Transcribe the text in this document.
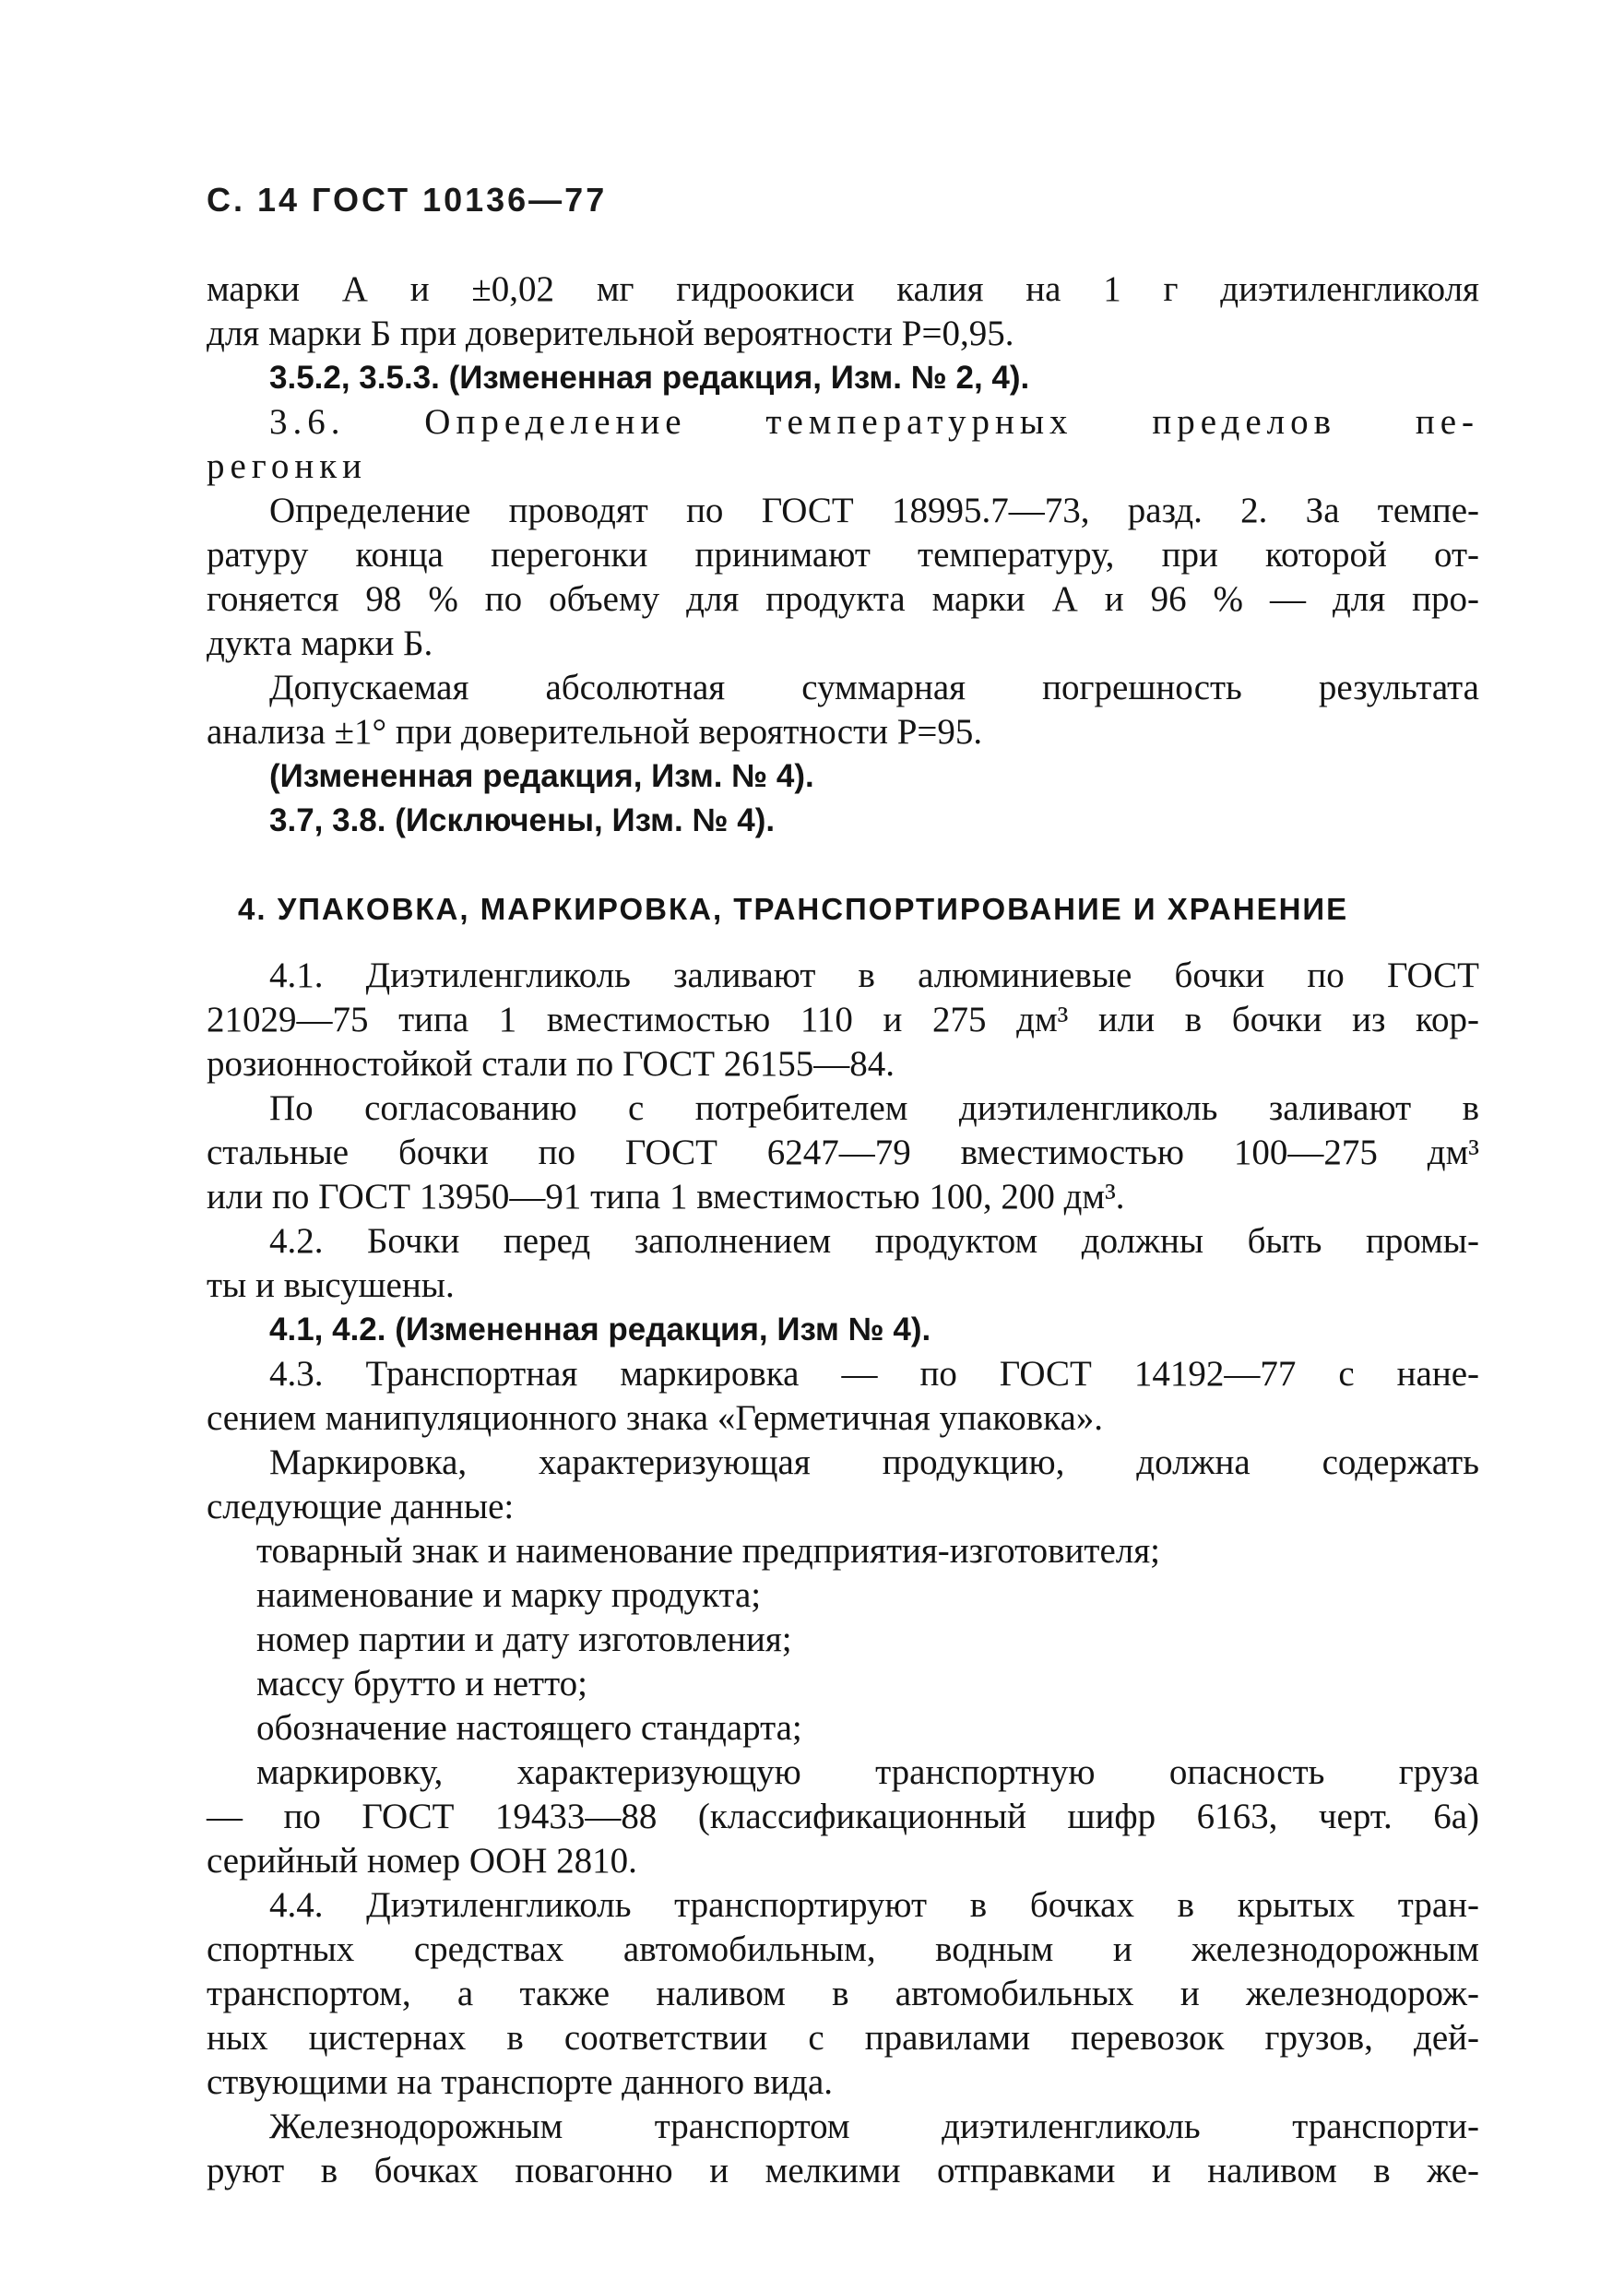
С. 14 ГОСТ 10136—77

марки А и ±0,02 мг гидроокиси калия на 1 г диэтиленгликоля

для марки Б при доверительной вероятности P=0,95.

3.5.2, 3.5.3. (Измененная редакция, Изм. № 2, 4).

3.6. Определение температурных пределов пе-

регонки

Определение проводят по ГОСТ 18995.7—73, разд. 2. За темпе-

ратуру конца перегонки принимают температуру, при которой от-

гоняется 98 % по объему для продукта марки А и 96 % — для про-

дукта марки Б.

Допускаемая абсолютная суммарная погрешность результата

анализа ±1° при доверительной вероятности P=95.

(Измененная редакция, Изм. № 4).

3.7, 3.8. (Исключены, Изм. № 4).

4. УПАКОВКА, МАРКИРОВКА, ТРАНСПОРТИРОВАНИЕ И ХРАНЕНИЕ

4.1. Диэтиленгликоль заливают в алюминиевые бочки по ГОСТ

21029—75 типа 1 вместимостью 110 и 275 дм³ или в бочки из кор-

розионностойкой стали по ГОСТ 26155—84.

По согласованию с потребителем диэтиленгликоль заливают в

стальные бочки по ГОСТ 6247—79 вместимостью 100—275 дм³

или по ГОСТ 13950—91 типа 1 вместимостью 100, 200 дм³.

4.2. Бочки перед заполнением продуктом должны быть промы-

ты и высушены.

4.1, 4.2. (Измененная редакция, Изм № 4).

4.3. Транспортная маркировка — по ГОСТ 14192—77 с нане-

сением манипуляционного знака «Герметичная упаковка».

Маркировка, характеризующая продукцию, должна содержать

следующие данные:

товарный знак и наименование предприятия-изготовителя;

наименование и марку продукта;

номер партии и дату изготовления;

массу брутто и нетто;

обозначение настоящего стандарта;

маркировку, характеризующую транспортную опасность груза

— по ГОСТ 19433—88 (классификационный шифр 6163, черт. 6а)

серийный номер ООН 2810.

4.4. Диэтиленгликоль транспортируют в бочках в крытых тран-

спортных средствах автомобильным, водным и железнодорожным

транспортом, а также наливом в автомобильных и железнодорож-

ных цистернах в соответствии с правилами перевозок грузов, дей-

ствующими на транспорте данного вида.

Железнодорожным транспортом диэтиленгликоль транспорти-

руют в бочках повагонно и мелкими отправками и наливом в же-
